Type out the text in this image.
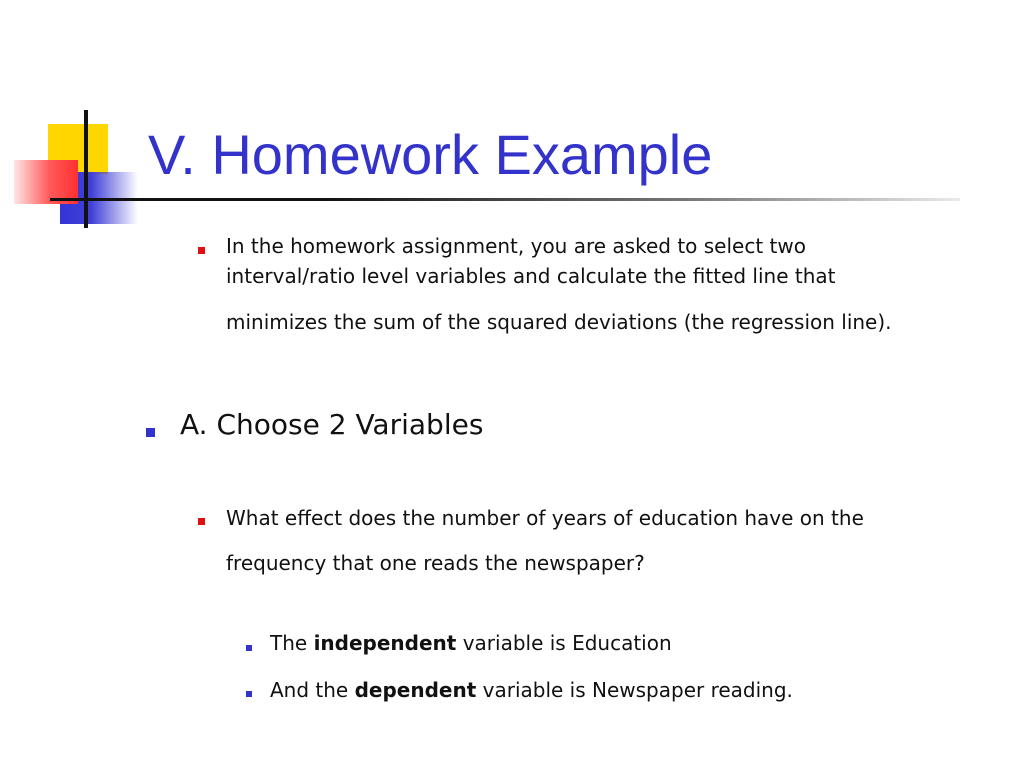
V. Homework Example
In the homework assignment, you are asked to select two
interval/ratio level variables and calculate the fitted line that
minimizes the sum of the squared deviations (the regression line).
A. Choose 2 Variables
What effect does the number of years of education have on the
frequency that one reads the newspaper?
The independent variable is Education
And the dependent variable is Newspaper reading.
